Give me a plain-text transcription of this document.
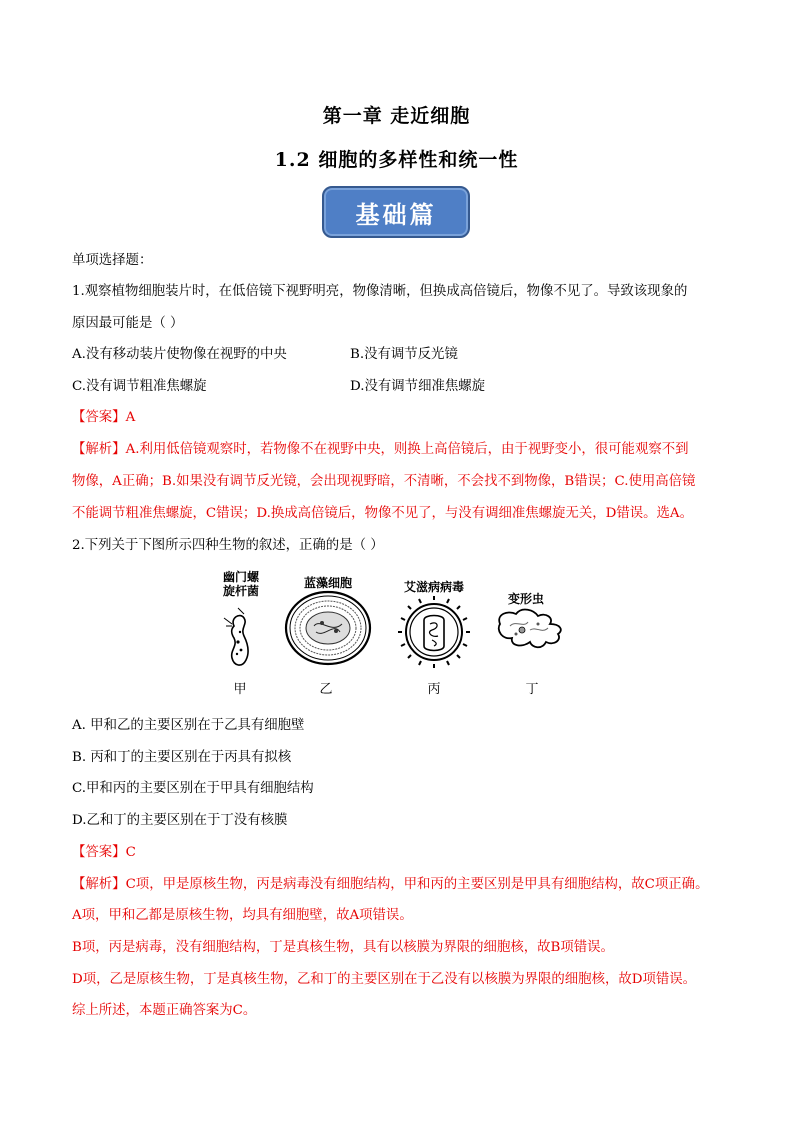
第一章 走近细胞
1.2 细胞的多样性和统一性
基础篇
单项选择题：
1.观察植物细胞装片时，在低倍镜下视野明亮，物像清晰，但换成高倍镜后，物像不见了。导致该现象的
原因最可能是（ ）
A.没有移动装片使物像在视野的中央	B.没有调节反光镜
C.没有调节粗准焦螺旋	D.没有调节细准焦螺旋
【答案】A
【解析】A.利用低倍镜观察时，若物像不在视野中央，则换上高倍镜后，由于视野变小，很可能观察不到
物像，A正确；B.如果没有调节反光镜，会出现视野暗，不清晰，不会找不到物像，B错误；C.使用高倍镜
不能调节粗准焦螺旋，C错误；D.换成高倍镜后，物像不见了，与没有调细准焦螺旋无关，D错误。选A。
2.下列关于下图所示四种生物的叙述，正确的是（ ）
幽门螺
旋杆菌
蓝藻细胞	艾滋病病毒
变形虫
甲	乙	丙	丁
A. 甲和乙的主要区别在于乙具有细胞壁
B. 丙和丁的主要区别在于丙具有拟核
C.甲和丙的主要区别在于甲具有细胞结构
D.乙和丁的主要区别在于丁没有核膜
【答案】C
【解析】C项，甲是原核生物，丙是病毒没有细胞结构，甲和丙的主要区别是甲具有细胞结构，故C项正确。
A项，甲和乙都是原核生物，均具有细胞壁，故A项错误。
B项，丙是病毒，没有细胞结构，丁是真核生物，具有以核膜为界限的细胞核，故B项错误。
D项，乙是原核生物，丁是真核生物，乙和丁的主要区别在于乙没有以核膜为界限的细胞核，故D项错误。
综上所述，本题正确答案为C。
